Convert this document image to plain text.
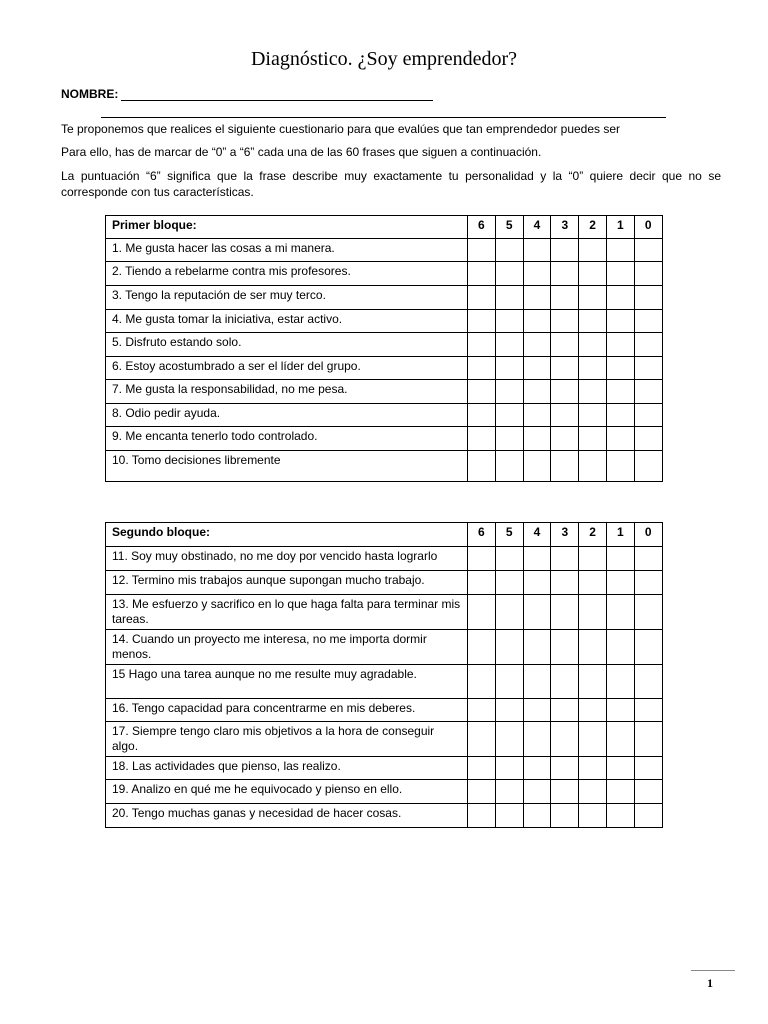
Diagnóstico. ¿Soy emprendedor?
NOMBRE:

Te proponemos que realices el siguiente cuestionario para que evalúes que tan emprendedor puedes ser

Para ello, has de marcar de “0” a “6” cada una de las 60 frases que siguen a continuación.

La puntuación “6” significa que la frase describe muy exactamente tu personalidad y la “0” quiere decir que no se corresponde con tus características.

Primer bloque:	6	5	4	3	2	1	0
1. Me gusta hacer las cosas a mi manera.							
2. Tiendo a rebelarme contra mis profesores.							
3. Tengo la reputación de ser muy terco.							
4. Me gusta tomar la iniciativa, estar activo.							
5. Disfruto estando solo.							
6. Estoy acostumbrado a ser el líder del grupo.							
7. Me gusta la responsabilidad, no me pesa.							
8. Odio pedir ayuda.							
9. Me encanta tenerlo todo controlado.							
10. Tomo decisiones libremente							
Segundo bloque:	6	5	4	3	2	1	0
11. Soy muy obstinado, no me doy por vencido hasta lograrlo							
12. Termino mis trabajos aunque supongan mucho trabajo.							
13. Me esfuerzo y sacrifico en lo que haga falta para terminar mis tareas.							
14. Cuando un proyecto me interesa, no me importa dormir menos.							
15 Hago una tarea aunque no me resulte muy agradable.							
16. Tengo capacidad para concentrarme en mis deberes.							
17. Siempre tengo claro mis objetivos a la hora de conseguir algo.							
18. Las actividades que pienso, las realizo.							
19. Analizo en qué me he equivocado y pienso en ello.							
20. Tengo muchas ganas y necesidad de hacer cosas.							
1
